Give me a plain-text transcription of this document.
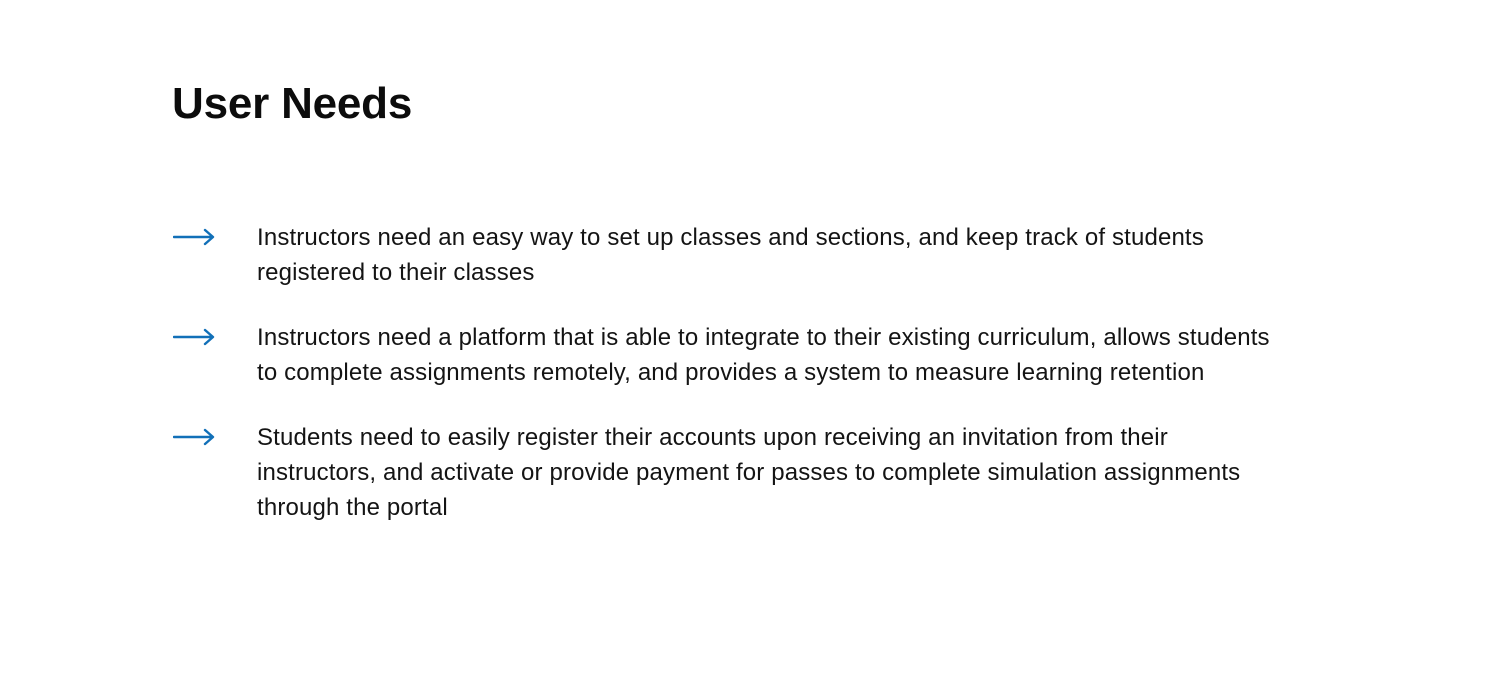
User Needs
Instructors need an easy way to set up classes and sections, and keep track of students registered to their classes
Instructors need a platform that is able to integrate to their existing curriculum, allows students to complete assignments remotely, and provides a system to measure learning retention
Students need to easily register their accounts upon receiving an invitation from their instructors, and activate or provide payment for passes to complete simulation assignments through the portal
